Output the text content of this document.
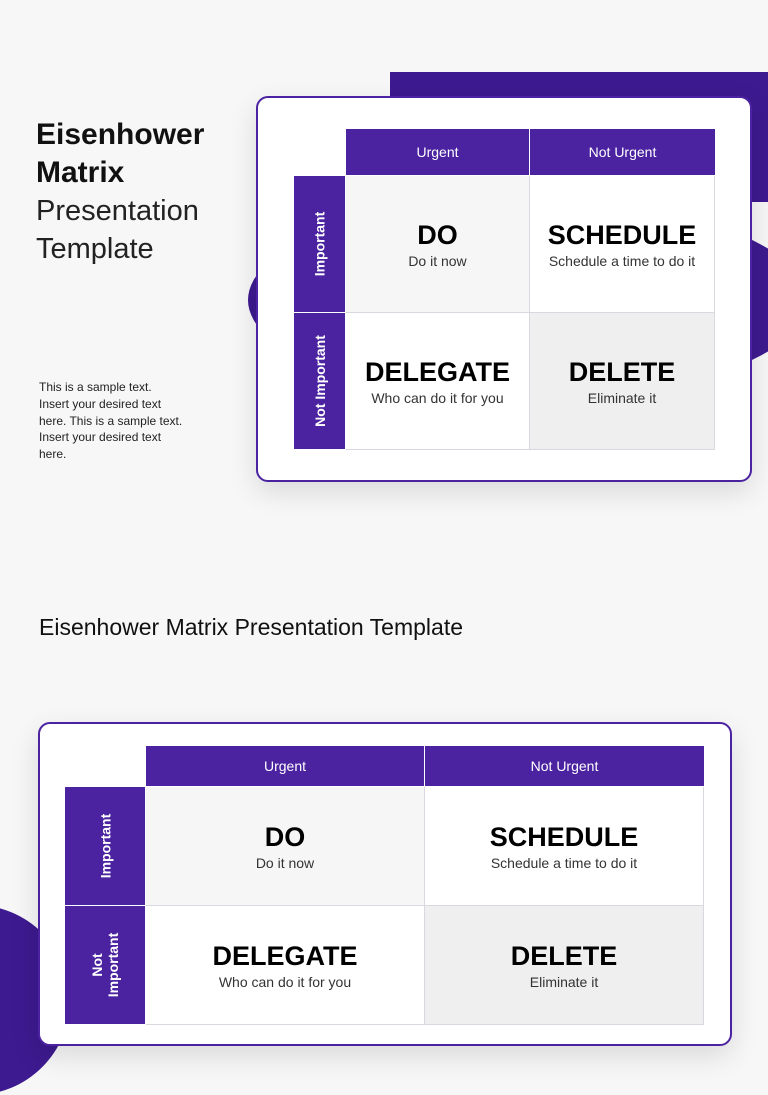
Eisenhower
Matrix
Presentation
Template
This is a sample text. Insert your desired text here. This is a sample text. Insert your desired text here.
Urgent	Not Urgent
Important
Not Important
DO
Do it now
SCHEDULE
Schedule a time to do it
DELEGATE
Who can do it for you
DELETE
Eliminate it
Eisenhower Matrix Presentation Template
Urgent	Not Urgent
Important
Not Important
DO
Do it now
SCHEDULE
Schedule a time to do it
DELEGATE
Who can do it for you
DELETE
Eliminate it
